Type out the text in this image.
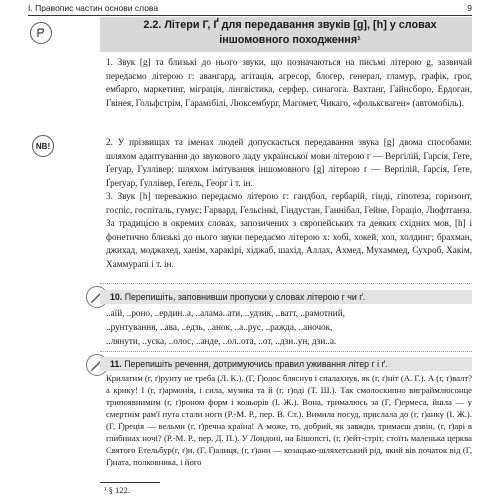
І. Правопис частин основи слова	9
2.2. Літери Г, Ґ для передавання звуків [g], [h] у словах
іншомовного походження¹

1. Звук [g] та близькі до нього звуки, що позначаються на письмі літерою g, зазвичай передаємо літерою г: авангард, агітація, агресор, блогер, генерал, гламур, графік, грог, ембарго, маркетинг, міграція, лінгвістика, серфер, синагога. Вахтанг, Гайнсборо, Ердоган, Гвінея, Гольфстрім, Гарамібілі, Люксембург, Магомет, Чикаго, «фольксваген» (автомобіль).

NB!	2. У прізвищах та іменах людей допускається передавання звука [g] двома способами: шляхом адаптування до звукового ладу української мови літерою г — Вергілій, Гарсія, Гете, Ґегуар, Гуллівер; шляхом імітування іншомовного [g] літерою ґ — Верґілій, Ґарсія, Ґете, Ґреґуар, Ґуллівер, Ґеґель, Георг і т. ін.

3. Звук [h] переважно передаємо літерою г: гандбол, гербарій, гінді, гіпотеза, горизонт, госпіс, госпіталь, гумус; Гарвард, Гельсінкі, Гіндустан, Ганнібал, Гейне, Гораціо, Люфтганза. За традицією в окремих словах, запозичених з європейських та деяких східних мов, [h] і фонетично близькі до нього звуки передаємо літерою х: хобі, хокей, хол, холдинг; брахман, джихад, моджахед, ханім, харакірі, хіджаб, шахід, Аллах, Ахмед, Мухаммед, Сухроб, Хакім, Хаммурапі і т. ін.

10. Перепишіть, заповнивши пропуски у словах літерою г чи ґ.

..аїй, ..роно, ..ердин..а, ..алама..ати, ..удзик, ..ватт, ..рамотний,

..рунтування, ..ава, ..едзь, ..анок, ..а..рус, ..ражда, ..аночок,

..лянути, ..уска, ..олос, ..анде, ..ол..ота, ..от, ..дзи..ун, дзи..а.

11. Перепишіть речення, дотримуючись правил уживання літер г і ґ.

Крилатим (г, ґ)рунту не треба (Л. К.). (Г, Ґ)олос бляснув і спалахнув, як (г, ґ)ніт (А. Г.). А (г, ґ)валт? а крику! І (г, ґ)армонія, і сила, музика та й (г, ґ)оді (Т. Ш.). Так смолоскипно виграймлюсонце трипоявнимим (г, ґ)роном форм і кольорів (І. Ж.). Вона, трималюсь за (Г, Ґ)ермеса, йшла — у смертнім рам'ї пута стали ноги (Р.-М. Р., пер. В. Ст.). Вимила посуд, прислала до (г, ґ)анку (І. Ж.). (Г, Ґ)реція — вельми (г, ґ)речна країна! А може, то, добрий, як завжди, тримаєш дзвін, (г, ґ)арі в глибинах ночі? (Р.-М. Р., пер. Д. П.). У Лондоні, на Бішопсгі, (г, ґ)ейт-стріт, стоїть маленька церква Святого Етельбур(г, ґ)и. (Г, Ґ)алиця, (г, ґ)ани — козацько-шляхетський рід, який вів початок від (Г, Ґ)ната, полковника, і його

¹ § 122.
